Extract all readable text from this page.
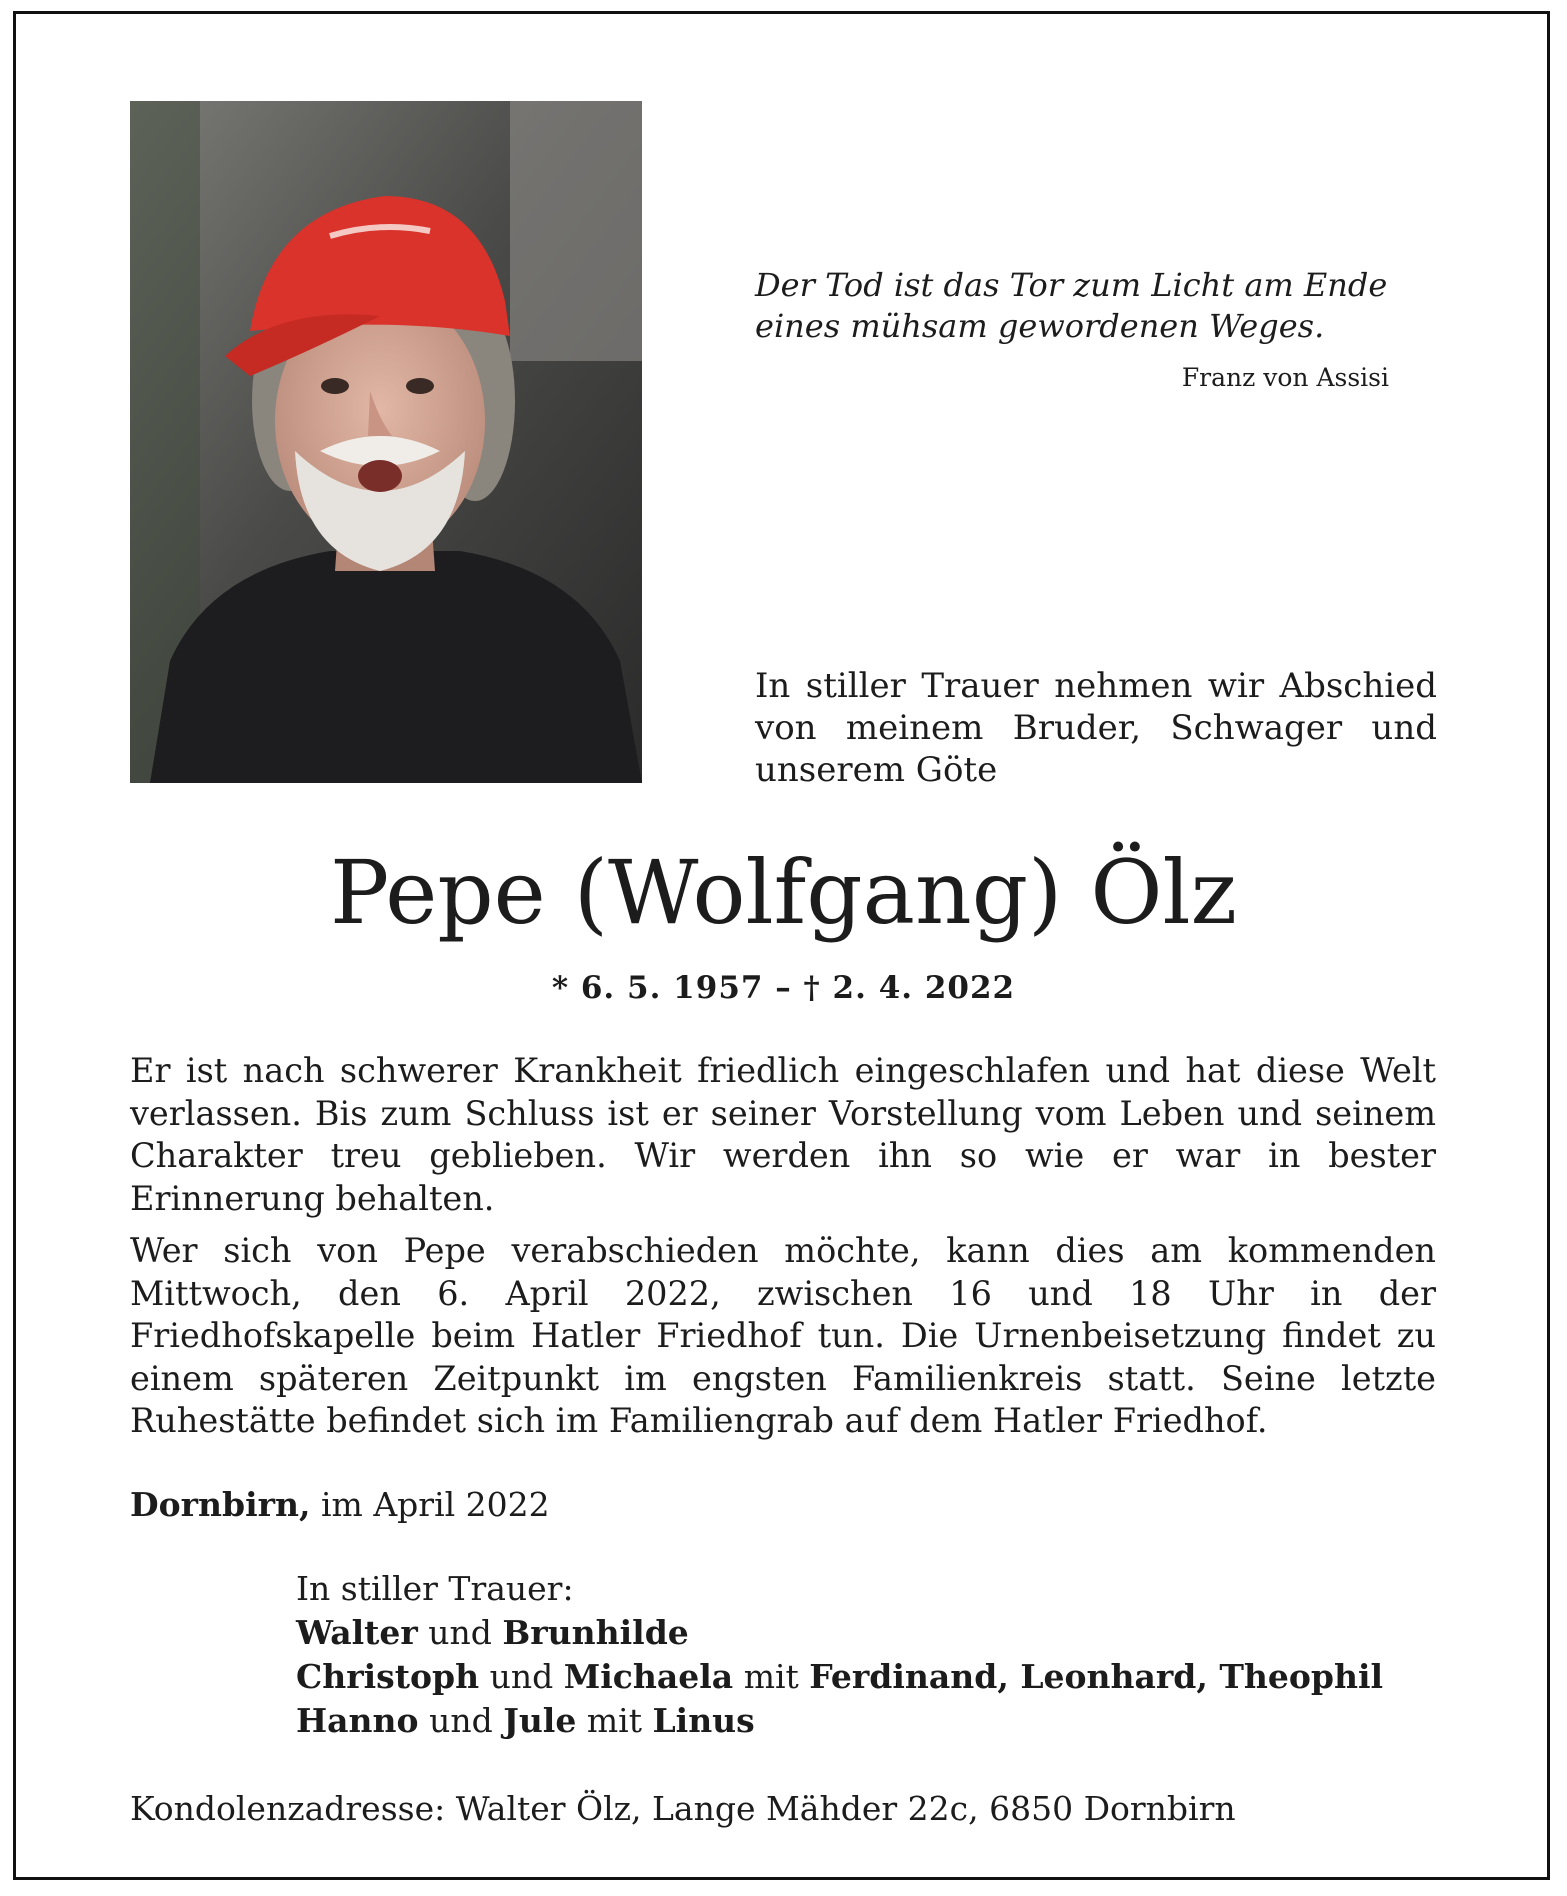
Der Tod ist das Tor zum Licht am Ende
eines mühsam gewordenen Weges.
Franz von Assisi
In stiller Trauer nehmen wir Abschied von meinem Bruder, Schwager und unserem Göte
Pepe (Wolfgang) Ölz
* 6. 5. 1957 – † 2. 4. 2022

Er ist nach schwerer Krankheit friedlich eingeschlafen und hat diese Welt verlassen. Bis zum Schluss ist er seiner Vorstellung vom Leben und seinem Charakter treu geblieben. Wir werden ihn so wie er war in bester Erinnerung behalten.

Wer sich von Pepe verabschieden möchte, kann dies am kommenden Mittwoch, den 6. April 2022, zwischen 16 und 18 Uhr in der Friedhofskapelle beim Hatler Friedhof tun. Die Urnenbeisetzung findet zu einem späteren Zeitpunkt im engsten Familienkreis statt. Seine letzte Ruhestätte befindet sich im Familiengrab auf dem Hatler Friedhof.

Dornbirn, im April 2022
In stiller Trauer:
Walter und Brunhilde
Christoph und Michaela mit Ferdinand, Leonhard, Theophil
Hanno und Jule mit Linus
Kondolenzadresse: Walter Ölz, Lange Mähder 22c, 6850 Dornbirn
